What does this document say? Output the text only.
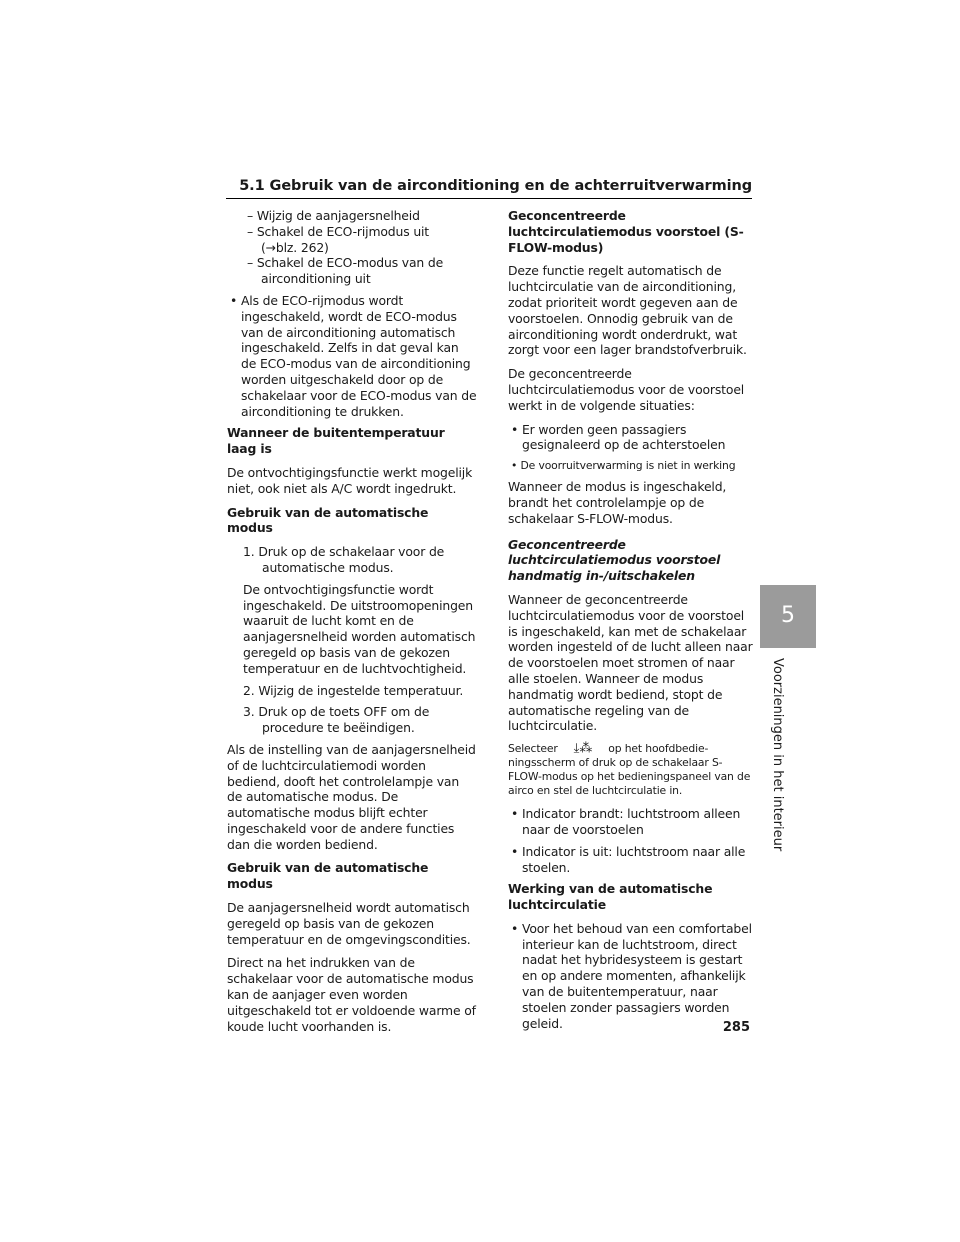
5.1 Gebruik van de airconditioning en de achterruitverwarming

– Wijzig de aanjagersnelheid

– Schakel de ECO-rijmodus uit

(→blz. 262)

– Schakel de ECO-modus van de

airconditioning uit

• Als de ECO-rijmodus wordt ingeschakeld, wordt de ECO-modus van de airconditioning automatisch ingeschakeld. Zelfs in dat geval kan de ECO-modus van de airconditioning worden uitgeschakeld door op de schakelaar voor de ECO-modus van de airconditioning te drukken.

Wanneer de buitentemperatuur laag is

De ontvochtigingsfunctie werkt mogelijk niet, ook niet als A/C wordt ingedrukt.

Gebruik van de automatische modus

1. Druk op de schakelaar voor de automatische modus.

De ontvochtigingsfunctie wordt ingeschakeld. De uitstroomopeningen waaruit de lucht komt en de aanjagersnelheid worden automatisch geregeld op basis van de gekozen temperatuur en de luchtvochtigheid.

2. Wijzig de ingestelde temperatuur.

3. Druk op de toets OFF om de procedure te beëindigen.

Als de instelling van de aanjagersnelheid of de luchtcirculatiemodi worden bediend, dooft het controlelampje van de automatische modus. De automatische modus blijft echter ingeschakeld voor de andere functies dan die worden bediend.

Gebruik van de automatische modus

De aanjagersnelheid wordt automatisch geregeld op basis van de gekozen temperatuur en de omgevingscondities.

Direct na het indrukken van de schakelaar voor de automatische modus kan de aanjager even worden uitgeschakeld tot er voldoende warme of koude lucht voorhanden is.

Geconcentreerde luchtcirculatiemodus voorstoel (S-FLOW-modus)

Deze functie regelt automatisch de luchtcirculatie van de airconditioning, zodat prioriteit wordt gegeven aan de voorstoelen. Onnodig gebruik van de airconditioning wordt onderdrukt, wat zorgt voor een lager brandstofverbruik.

De geconcentreerde luchtcirculatiemodus voor de voorstoel werkt in de volgende situaties:

• Er worden geen passagiers gesignaleerd op de achterstoelen

• De voorruitverwarming is niet in werking

Wanneer de modus is ingeschakeld, brandt het controlelampje op de schakelaar S-FLOW-modus.

Geconcentreerde luchtcirculatiemodus voorstoel handmatig in-/uitschakelen

Wanneer de geconcentreerde luchtcirculatiemodus voor de voorstoel is ingeschakeld, kan met de schakelaar worden ingesteld of de lucht alleen naar de voorstoelen moet stromen of naar alle stoelen. Wanneer de modus handmatig wordt bediend, stopt de automatische regeling van de luchtcirculatie.

Selecteer ⤓⁂ op het hoofdbedie-ningsscherm of druk op de schakelaar S-FLOW-modus op het bedieningspaneel van de airco en stel de luchtcirculatie in.

• Indicator brandt: luchtstroom alleen naar de voorstoelen

• Indicator is uit: luchtstroom naar alle stoelen.

Werking van de automatische luchtcirculatie

• Voor het behoud van een comfortabel interieur kan de luchtstroom, direct nadat het hybridesysteem is gestart en op andere momenten, afhankelijk van de buitentemperatuur, naar stoelen zonder passagiers worden geleid.

5
Voorzieningen in het interieur
285
